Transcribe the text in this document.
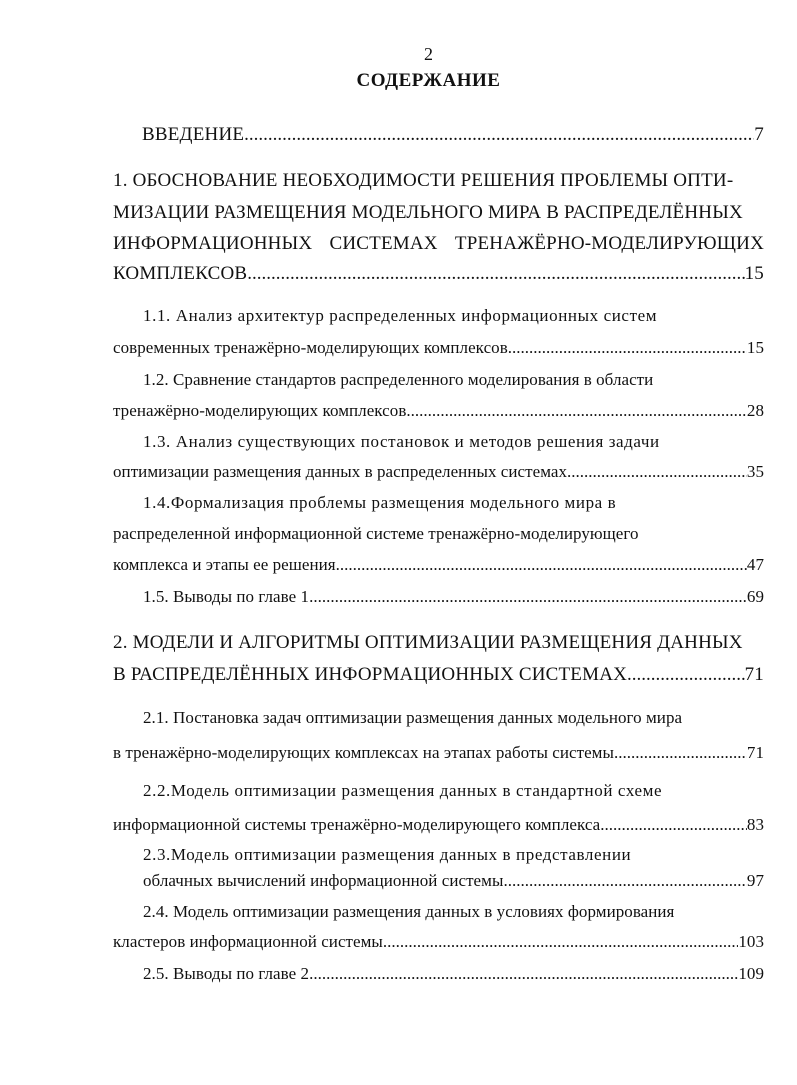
2
СОДЕРЖАНИЕ
ВВЕДЕНИЕ .....	7
1. ОБОСНОВАНИЕ НЕОБХОДИМОСТИ РЕШЕНИЯ ПРОБЛЕМЫ ОПТИ-
МИЗАЦИИ РАЗМЕЩЕНИЯ МОДЕЛЬНОГО МИРА В РАСПРЕДЕЛЁННЫХ
ИНФОРМАЦИОННЫХ СИСТЕМАХ ТРЕНАЖЁРНО-МОДЕЛИРУЮЩИХ
КОМПЛЕКСОВ .....	15
1.1. Анализ архитектур распределенных информационных систем
современных тренажёрно-моделирующих комплексов .....	15
1.2. Сравнение стандартов распределенного моделирования в области
тренажёрно-моделирующих комплексов .....	28
1.3. Анализ существующих постановок и методов решения задачи
оптимизации размещения данных в распределенных системах .....	35
1.4.Формализация проблемы размещения модельного мира в
распределенной информационной системе тренажёрно-моделирующего
комплекса и этапы ее решения .....	47
1.5. Выводы по главе 1 .....	69
2. МОДЕЛИ И АЛГОРИТМЫ ОПТИМИЗАЦИИ РАЗМЕЩЕНИЯ ДАННЫХ
В РАСПРЕДЕЛЁННЫХ ИНФОРМАЦИОННЫХ СИСТЕМАХ .....	71
2.1. Постановка задач оптимизации размещения данных модельного мира
в тренажёрно-моделирующих комплексах на этапах работы системы .....	71
2.2.Модель оптимизации размещения данных в стандартной схеме
информационной системы тренажёрно-моделирующего комплекса .....	83
2.3.Модель оптимизации размещения данных в представлении
облачных вычислений информационной системы .....	97
2.4. Модель оптимизации размещения данных в условиях формирования
кластеров информационной системы .....	103
2.5. Выводы по главе 2 .....	109
